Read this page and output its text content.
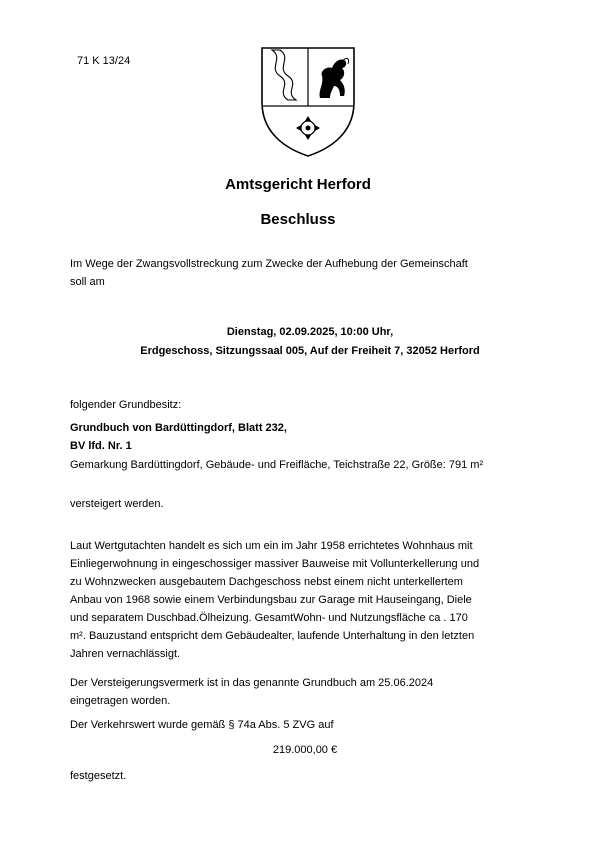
71 K 13/24
Amtsgericht Herford
Beschluss
Im Wege der Zwangsvollstreckung zum Zwecke der Aufhebung der Gemeinschaft
soll am
Dienstag, 02.09.2025, 10:00 Uhr,
Erdgeschoss, Sitzungssaal 005, Auf der Freiheit 7, 32052 Herford
folgender Grundbesitz:
Grundbuch von Bardüttingdorf, Blatt 232,
BV lfd. Nr. 1
Gemarkung Bardüttingdorf, Gebäude- und Freifläche, Teichstraße 22, Größe: 791 m²
versteigert werden.
Laut Wertgutachten handelt es sich um ein im Jahr 1958 errichtetes Wohnhaus mit
Einliegerwohnung in eingeschossiger massiver Bauweise mit Vollunterkellerung und
zu Wohnzwecken ausgebautem Dachgeschoss nebst einem nicht unterkellertem
Anbau von 1968 sowie einem Verbindungsbau zur Garage mit Hauseingang, Diele
und separatem Duschbad.Ölheizung. GesamtWohn- und Nutzungsfläche ca . 170
m². Bauzustand entspricht dem Gebäudealter, laufende Unterhaltung in den letzten
Jahren vernachlässigt.
Der Versteigerungsvermerk ist in das genannte Grundbuch am 25.06.2024
eingetragen worden.
Der Verkehrswert wurde gemäß § 74a Abs. 5 ZVG auf
219.000,00 €
festgesetzt.
